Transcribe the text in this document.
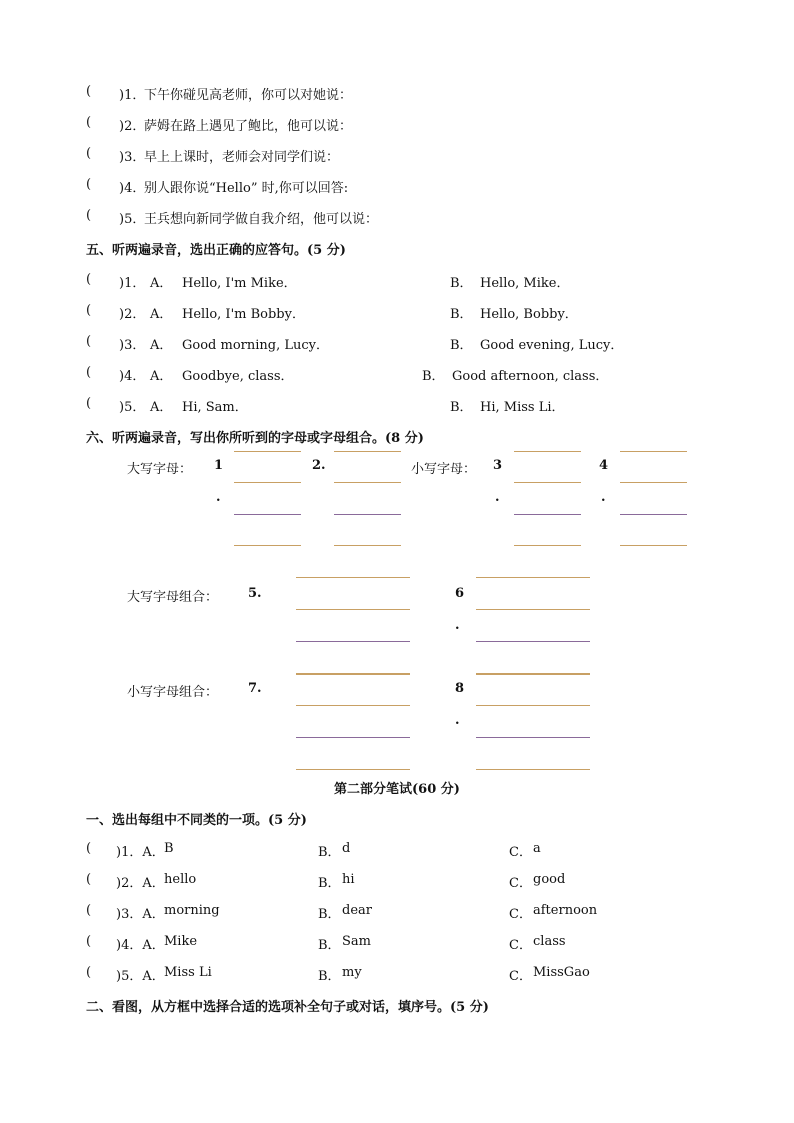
( )1．
下午你碰见高老师，你可以对她说：
( )2．
萨姆在路上遇见了鲍比，他可以说：
( )3．
早上上课时，老师会对同学们说：
( )4．
别人跟你说“Hello” 时,你可以回答:
( )5．
王兵想向新同学做自我介绍，他可以说：
五、听两遍录音，选出正确的应答句。(5 分)
( )1． A． Hello, I'm Mike．	B． Hello, Mike．
( )2． A． Hello, I'm Bobby．	B． Hello, Bobby．
( )3． A． Good morning, Lucy．	B． Good evening, Lucy．
( )4． A． Goodbye, class．	B． Good afternoon, class．
( )5． A． Hi, Sam．	B． Hi, Miss Li．
六、听两遍录音，写出你所听到的字母或字母组合。(8 分)
大写字母： 1
.
2.	小写字母： 3
.
4
.
大写字母组合： 5.	6
.
小写字母组合： 7.	8
.
第二部分笔试(60 分)
一、选出每组中不同类的一项。(5 分)
( )1．A． B	B． d	C． a
( )2．A． hello	B． hi	C． good
( )3．A． morning	B． dear	C． afternoon
( )4．A． Mike	B． Sam	C． class
( )5．A． Miss Li	B． my	C． MissGao
二、看图，从方框中选择合适的选项补全句子或对话，填序号。(5 分)
